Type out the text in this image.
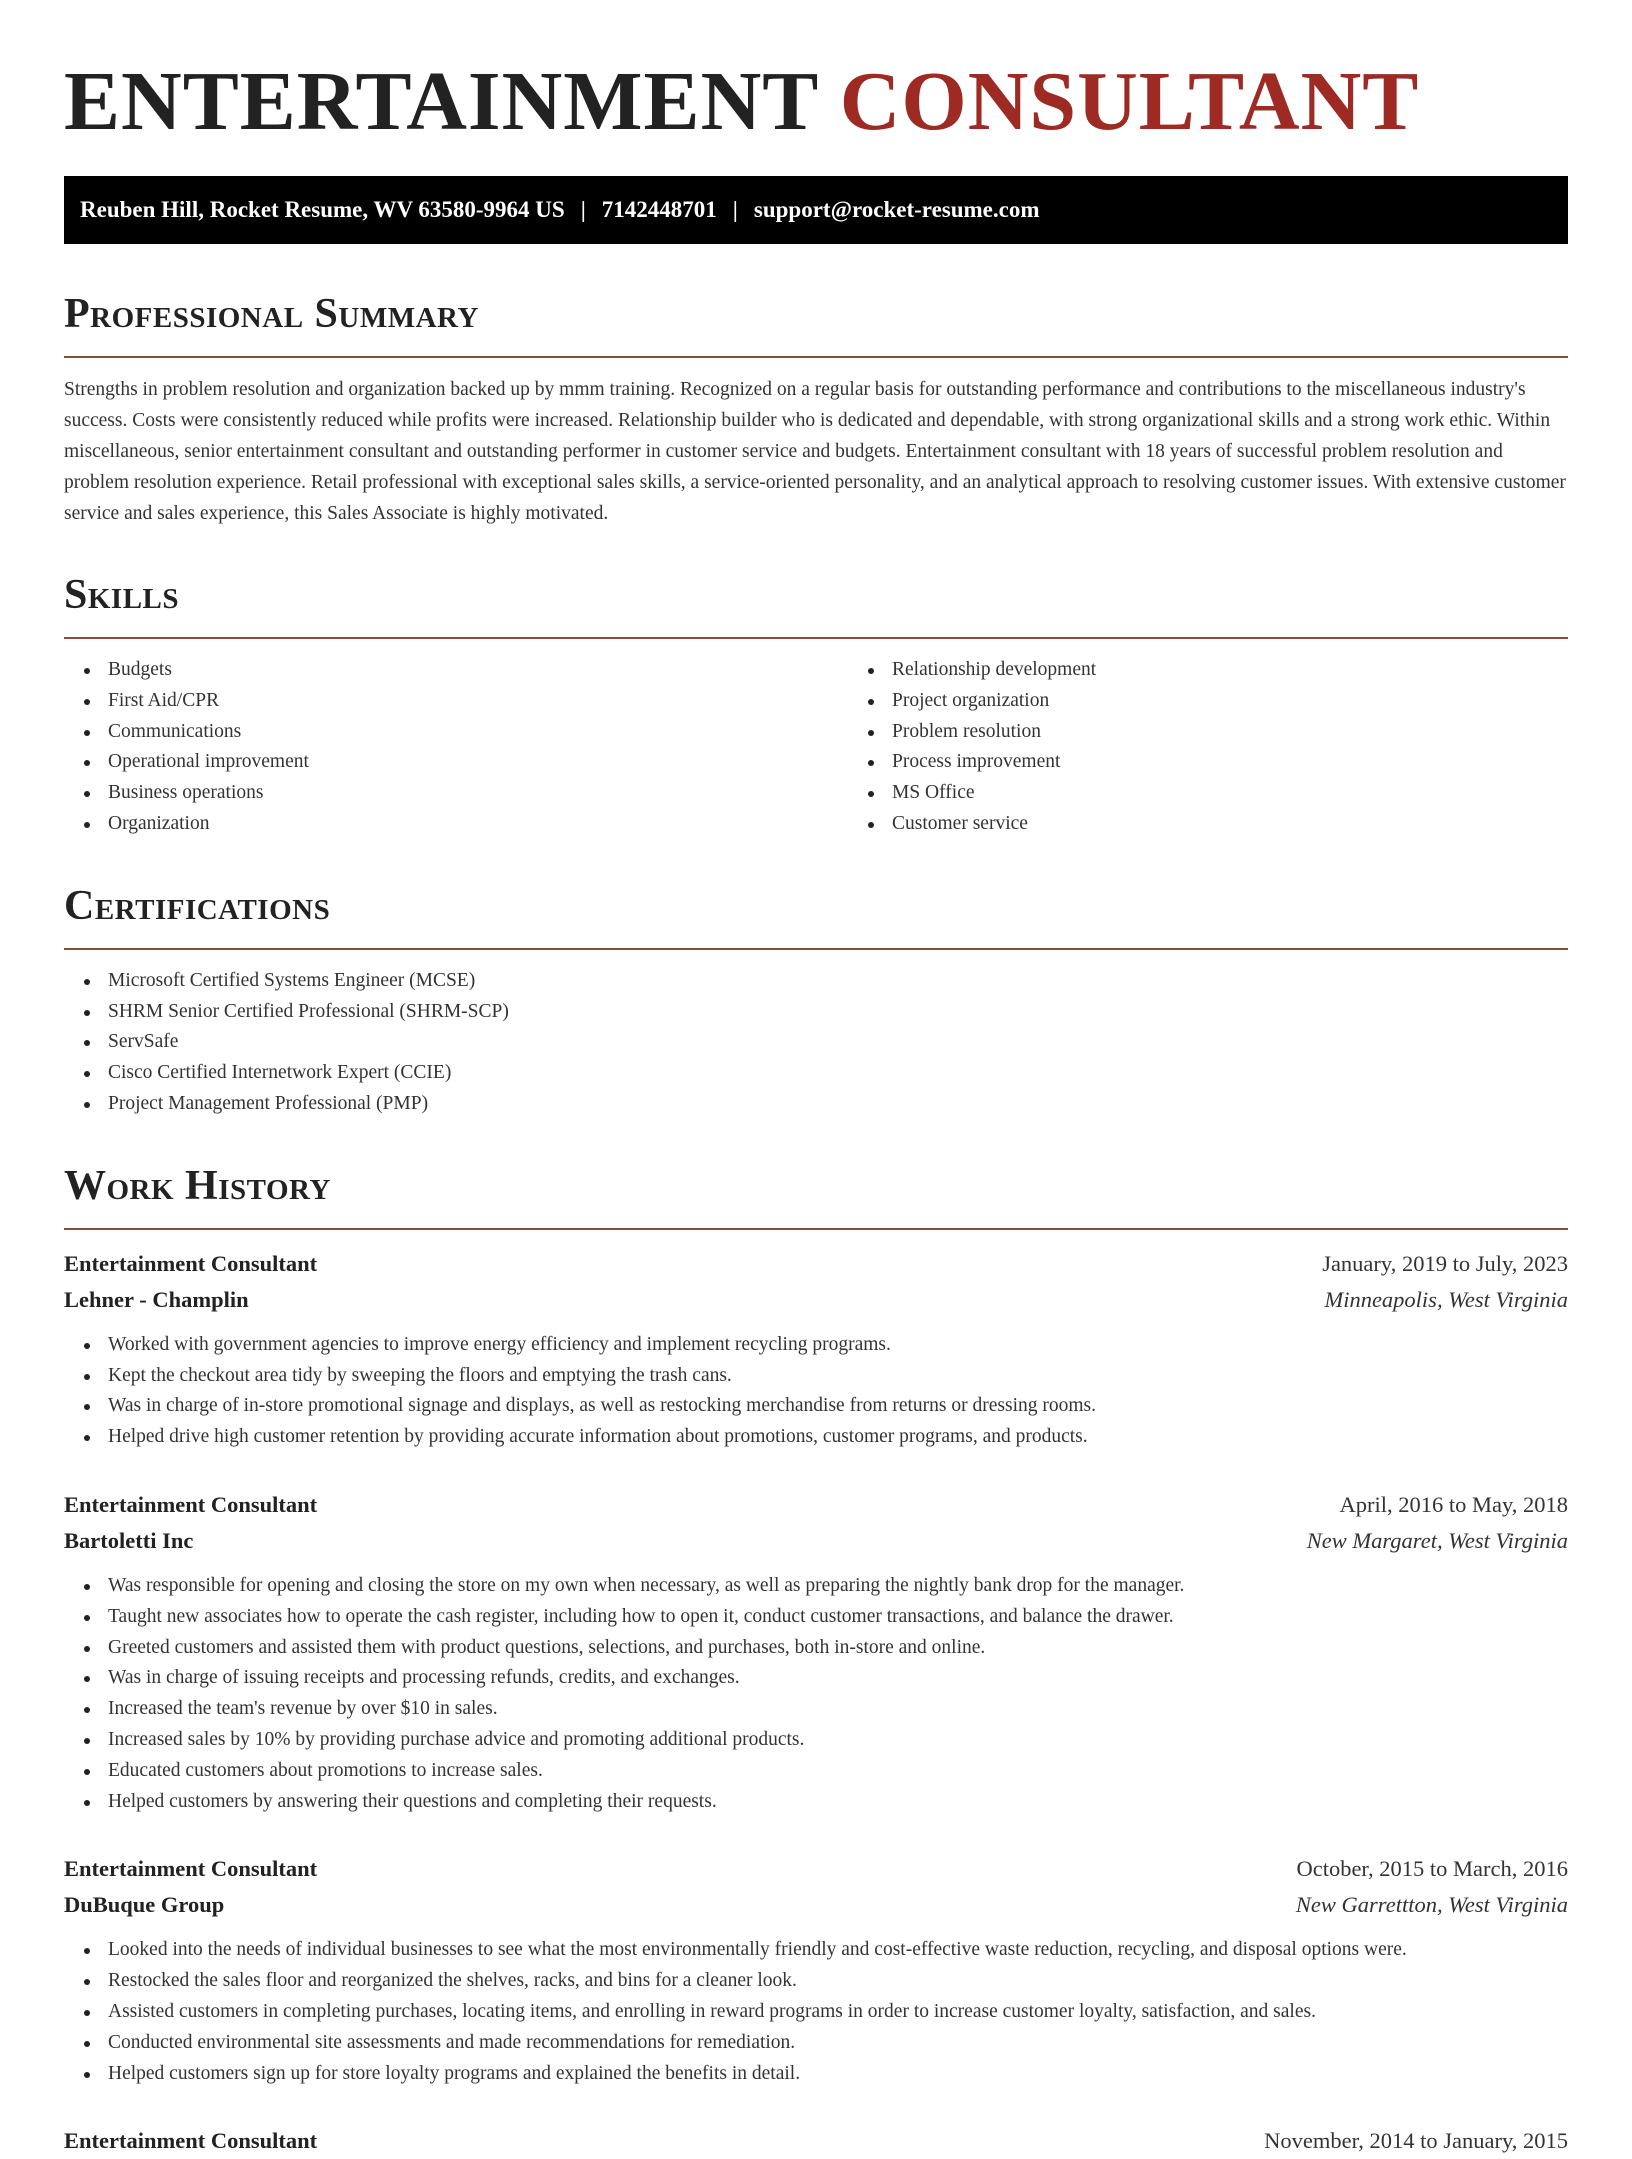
ENTERTAINMENT CONSULTANT
Reuben Hill, Rocket Resume, WV 63580-9964 US | 7142448701 | support@rocket-resume.com
Professional Summary

Strengths in problem resolution and organization backed up by mmm training. Recognized on a regular basis for outstanding performance and contributions to the miscellaneous industry's success. Costs were consistently reduced while profits were increased. Relationship builder who is dedicated and dependable, with strong organizational skills and a strong work ethic. Within miscellaneous, senior entertainment consultant and outstanding performer in customer service and budgets. Entertainment consultant with 18 years of successful problem resolution and problem resolution experience. Retail professional with exceptional sales skills, a service-oriented personality, and an analytical approach to resolving customer issues. With extensive customer service and sales experience, this Sales Associate is highly motivated.

Skills
Budgets
First Aid/CPR
Communications
Operational improvement
Business operations
Organization
Relationship development
Project organization
Problem resolution
Process improvement
MS Office
Customer service
Certifications
Microsoft Certified Systems Engineer (MCSE)
SHRM Senior Certified Professional (SHRM-SCP)
ServSafe
Cisco Certified Internetwork Expert (CCIE)
Project Management Professional (PMP)
Work History
Entertainment Consultant	January, 2019 to July, 2023
Lehner - Champlin	Minneapolis, West Virginia
Worked with government agencies to improve energy efficiency and implement recycling programs.
Kept the checkout area tidy by sweeping the floors and emptying the trash cans.
Was in charge of in-store promotional signage and displays, as well as restocking merchandise from returns or dressing rooms.
Helped drive high customer retention by providing accurate information about promotions, customer programs, and products.
Entertainment Consultant	April, 2016 to May, 2018
Bartoletti Inc	New Margaret, West Virginia
Was responsible for opening and closing the store on my own when necessary, as well as preparing the nightly bank drop for the manager.
Taught new associates how to operate the cash register, including how to open it, conduct customer transactions, and balance the drawer.
Greeted customers and assisted them with product questions, selections, and purchases, both in-store and online.
Was in charge of issuing receipts and processing refunds, credits, and exchanges.
Increased the team's revenue by over $10 in sales.
Increased sales by 10% by providing purchase advice and promoting additional products.
Educated customers about promotions to increase sales.
Helped customers by answering their questions and completing their requests.
Entertainment Consultant	October, 2015 to March, 2016
DuBuque Group	New Garrettton, West Virginia
Looked into the needs of individual businesses to see what the most environmentally friendly and cost-effective waste reduction, recycling, and disposal options were.
Restocked the sales floor and reorganized the shelves, racks, and bins for a cleaner look.
Assisted customers in completing purchases, locating items, and enrolling in reward programs in order to increase customer loyalty, satisfaction, and sales.
Conducted environmental site assessments and made recommendations for remediation.
Helped customers sign up for store loyalty programs and explained the benefits in detail.
Entertainment Consultant	November, 2014 to January, 2015
